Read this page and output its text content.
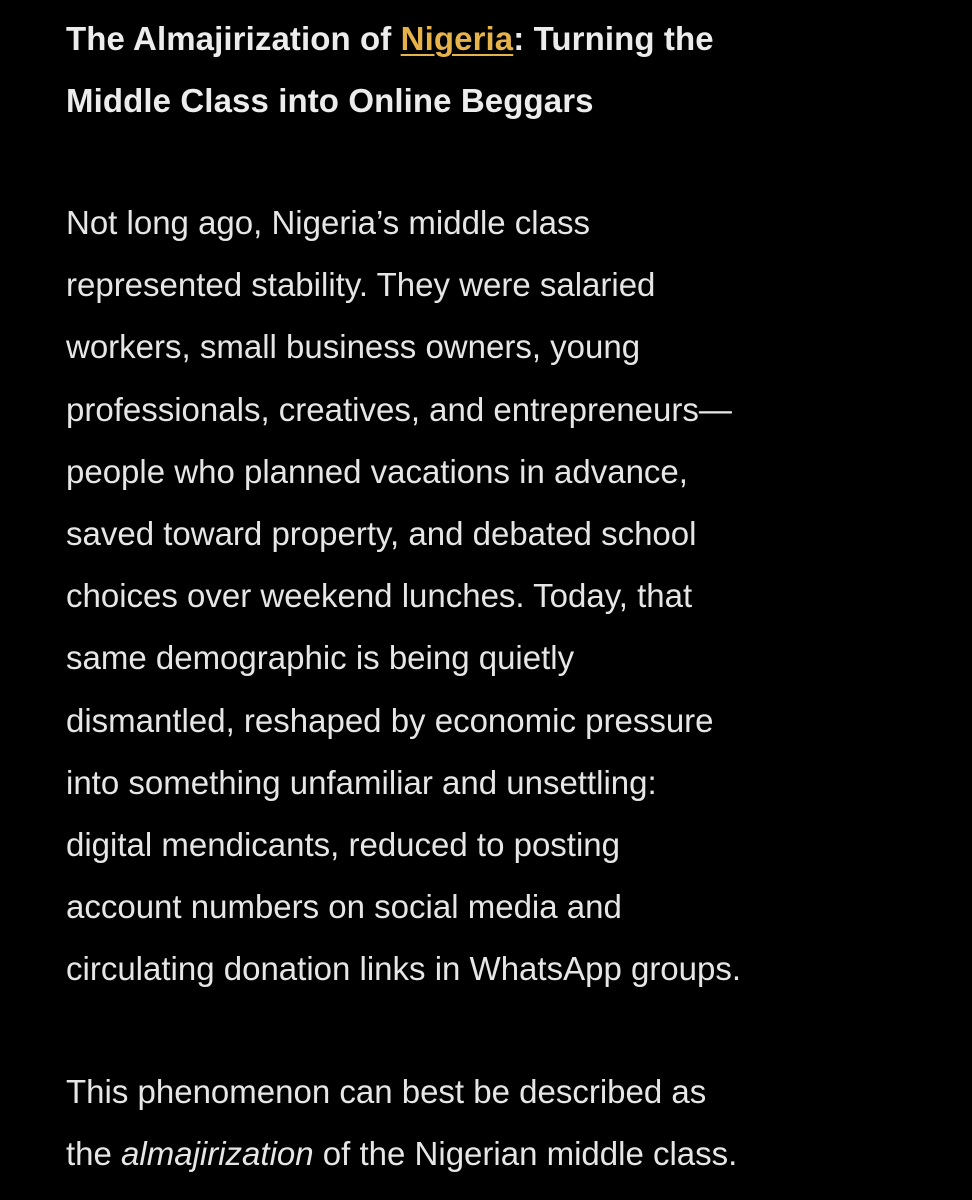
The Almajirization of Nigeria: Turning the
Middle Class into Online Beggars

Not long ago, Nigeria’s middle class
represented stability. They were salaried
workers, small business owners, young
professionals, creatives, and entrepreneurs—
people who planned vacations in advance,
saved toward property, and debated school
choices over weekend lunches. Today, that
same demographic is being quietly
dismantled, reshaped by economic pressure
into something unfamiliar and unsettling:
digital mendicants, reduced to posting
account numbers on social media and
circulating donation links in WhatsApp groups.

This phenomenon can best be described as
the almajirization of the Nigerian middle class.
